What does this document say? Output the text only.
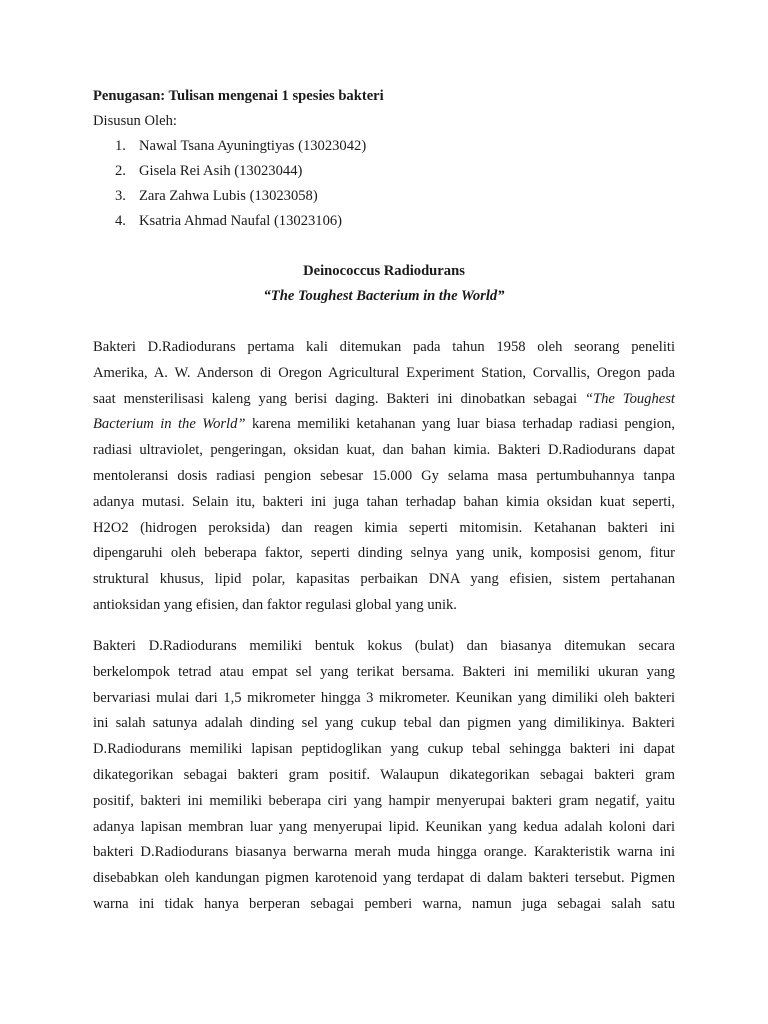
Penugasan: Tulisan mengenai 1 spesies bakteri
Disusun Oleh:
1. Nawal Tsana Ayuningtiyas (13023042)
2. Gisela Rei Asih (13023044)
3. Zara Zahwa Lubis (13023058)
4. Ksatria Ahmad Naufal (13023106)
Deinococcus Radiodurans
“The Toughest Bacterium in the World”
Bakteri D.Radiodurans pertama kali ditemukan pada tahun 1958 oleh seorang peneliti
Amerika, A. W. Anderson di Oregon Agricultural Experiment Station, Corvallis, Oregon pada
saat mensterilisasi kaleng yang berisi daging. Bakteri ini dinobatkan sebagai “The Toughest
Bacterium in the World” karena memiliki ketahanan yang luar biasa terhadap radiasi pengion,
radiasi ultraviolet, pengeringan, oksidan kuat, dan bahan kimia. Bakteri D.Radiodurans dapat
mentoleransi dosis radiasi pengion sebesar 15.000 Gy selama masa pertumbuhannya tanpa
adanya mutasi. Selain itu, bakteri ini juga tahan terhadap bahan kimia oksidan kuat seperti,
H2O2 (hidrogen peroksida) dan reagen kimia seperti mitomisin. Ketahanan bakteri ini
dipengaruhi oleh beberapa faktor, seperti dinding selnya yang unik, komposisi genom, fitur
struktural khusus, lipid polar, kapasitas perbaikan DNA yang efisien, sistem pertahanan
antioksidan yang efisien, dan faktor regulasi global yang unik.
Bakteri D.Radiodurans memiliki bentuk kokus (bulat) dan biasanya ditemukan secara
berkelompok tetrad atau empat sel yang terikat bersama. Bakteri ini memiliki ukuran yang
bervariasi mulai dari 1,5 mikrometer hingga 3 mikrometer. Keunikan yang dimiliki oleh bakteri
ini salah satunya adalah dinding sel yang cukup tebal dan pigmen yang dimilikinya. Bakteri
D.Radiodurans memiliki lapisan peptidoglikan yang cukup tebal sehingga bakteri ini dapat
dikategorikan sebagai bakteri gram positif. Walaupun dikategorikan sebagai bakteri gram
positif, bakteri ini memiliki beberapa ciri yang hampir menyerupai bakteri gram negatif, yaitu
adanya lapisan membran luar yang menyerupai lipid. Keunikan yang kedua adalah koloni dari
bakteri D.Radiodurans biasanya berwarna merah muda hingga orange. Karakteristik warna ini
disebabkan oleh kandungan pigmen karotenoid yang terdapat di dalam bakteri tersebut. Pigmen
warna ini tidak hanya berperan sebagai pemberi warna, namun juga sebagai salah satu
